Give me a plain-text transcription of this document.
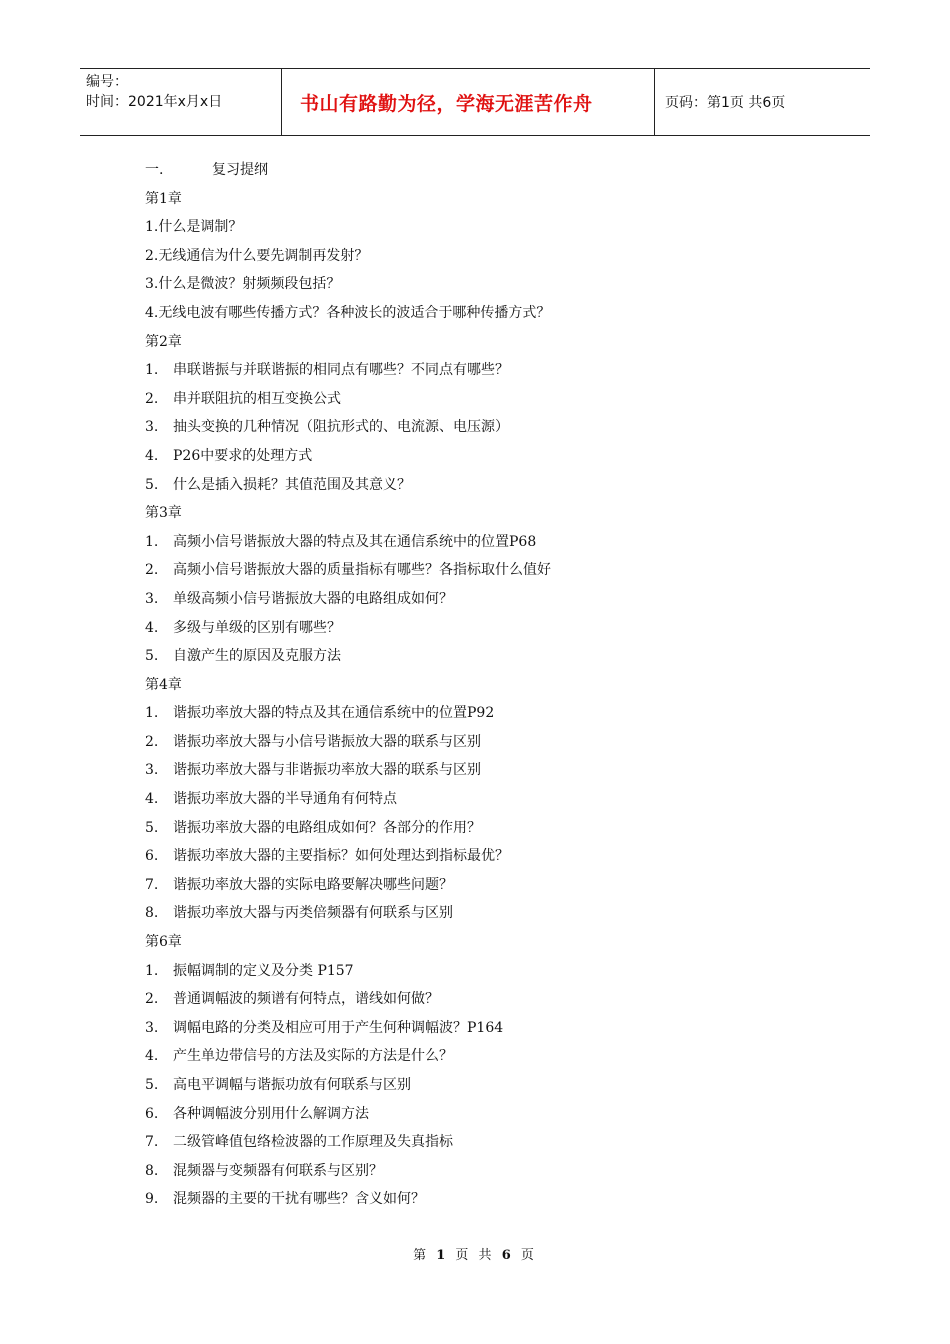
编号：
时间：2021年x月x日	书山有路勤为径，学海无涯苦作舟	页码：第1页 共6页
一.	复习提纲
第1章
1.什么是调制？
2.无线通信为什么要先调制再发射？
3.什么是微波？射频频段包括？
4.无线电波有哪些传播方式？各种波长的波适合于哪种传播方式？
第2章
1. 串联谐振与并联谐振的相同点有哪些？不同点有哪些？
2. 串并联阻抗的相互变换公式
3. 抽头变换的几种情况（阻抗形式的、电流源、电压源）
4. P26中要求的处理方式
5. 什么是插入损耗？其值范围及其意义？
第3章
1. 高频小信号谐振放大器的特点及其在通信系统中的位置P68
2. 高频小信号谐振放大器的质量指标有哪些？各指标取什么值好
3. 单级高频小信号谐振放大器的电路组成如何？
4. 多级与单级的区别有哪些？
5. 自激产生的原因及克服方法
第4章
1. 谐振功率放大器的特点及其在通信系统中的位置P92
2. 谐振功率放大器与小信号谐振放大器的联系与区别
3. 谐振功率放大器与非谐振功率放大器的联系与区别
4. 谐振功率放大器的半导通角有何特点
5. 谐振功率放大器的电路组成如何？各部分的作用？
6. 谐振功率放大器的主要指标？如何处理达到指标最优？
7. 谐振功率放大器的实际电路要解决哪些问题？
8. 谐振功率放大器与丙类倍频器有何联系与区别
第6章
1. 振幅调制的定义及分类 P157
2. 普通调幅波的频谱有何特点，谱线如何做？
3. 调幅电路的分类及相应可用于产生何种调幅波？P164
4. 产生单边带信号的方法及实际的方法是什么？
5. 高电平调幅与谐振功放有何联系与区别
6. 各种调幅波分别用什么解调方法
7. 二级管峰值包络检波器的工作原理及失真指标
8. 混频器与变频器有何联系与区别？
9. 混频器的主要的干扰有哪些？含义如何？
第 1 页 共 6 页
